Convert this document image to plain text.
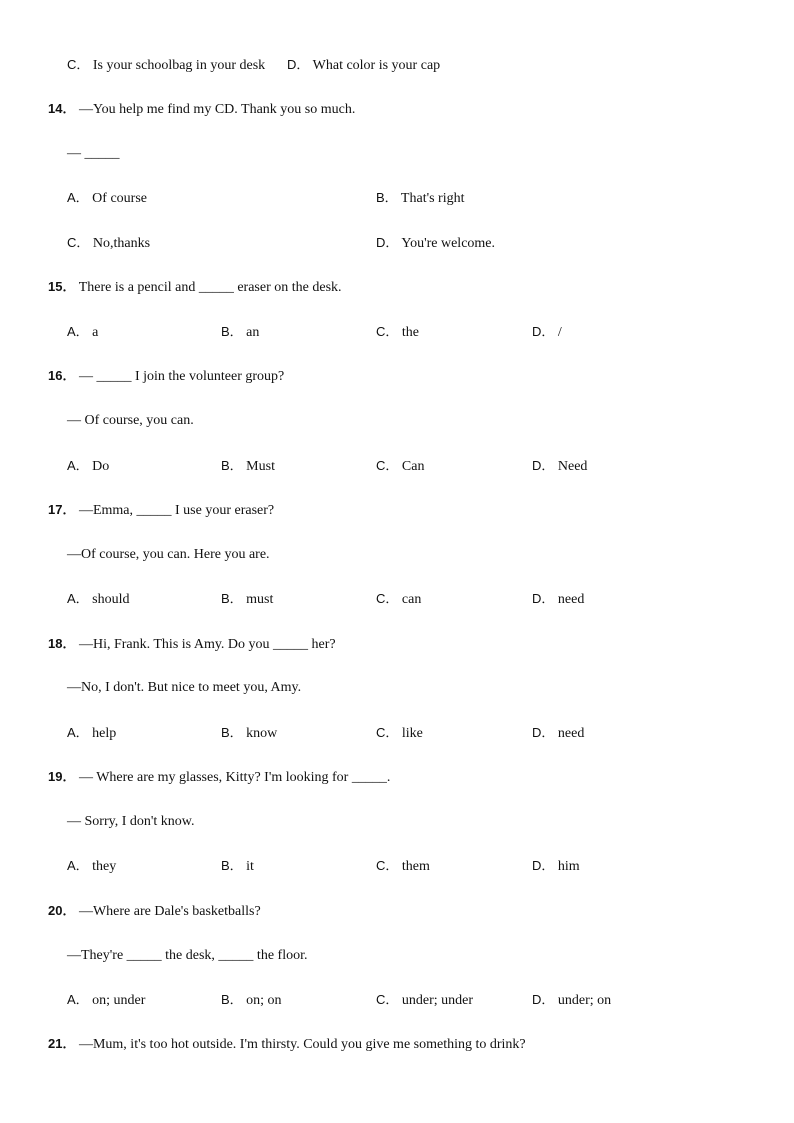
C． Is your schoolbag in your desk D． What color is your cap
14． —You help me find my CD. Thank you so much.
— _____
A． Of course	B． That's right
C． No,thanks	D． You're welcome.
15． There is a pencil and _____ eraser on the desk.
A． a	B． an	C． the	D． /
16． — _____ I join the volunteer group?
— Of course, you can.
A． Do	B． Must	C． Can	D． Need
17． —Emma, _____ I use your eraser?
—Of course, you can. Here you are.
A． should	B． must	C． can	D． need
18． —Hi, Frank. This is Amy. Do you _____ her?
—No, I don't. But nice to meet you, Amy.
A． help	B． know	C． like	D． need
19． — Where are my glasses, Kitty? I'm looking for _____.
— Sorry, I don't know.
A． they	B． it	C． them	D． him
20． —Where are Dale's basketballs?
—They're _____ the desk, _____ the floor.
A． on; under	B． on; on	C． under; under	D． under; on
21． —Mum, it's too hot outside. I'm thirsty. Could you give me something to drink?
